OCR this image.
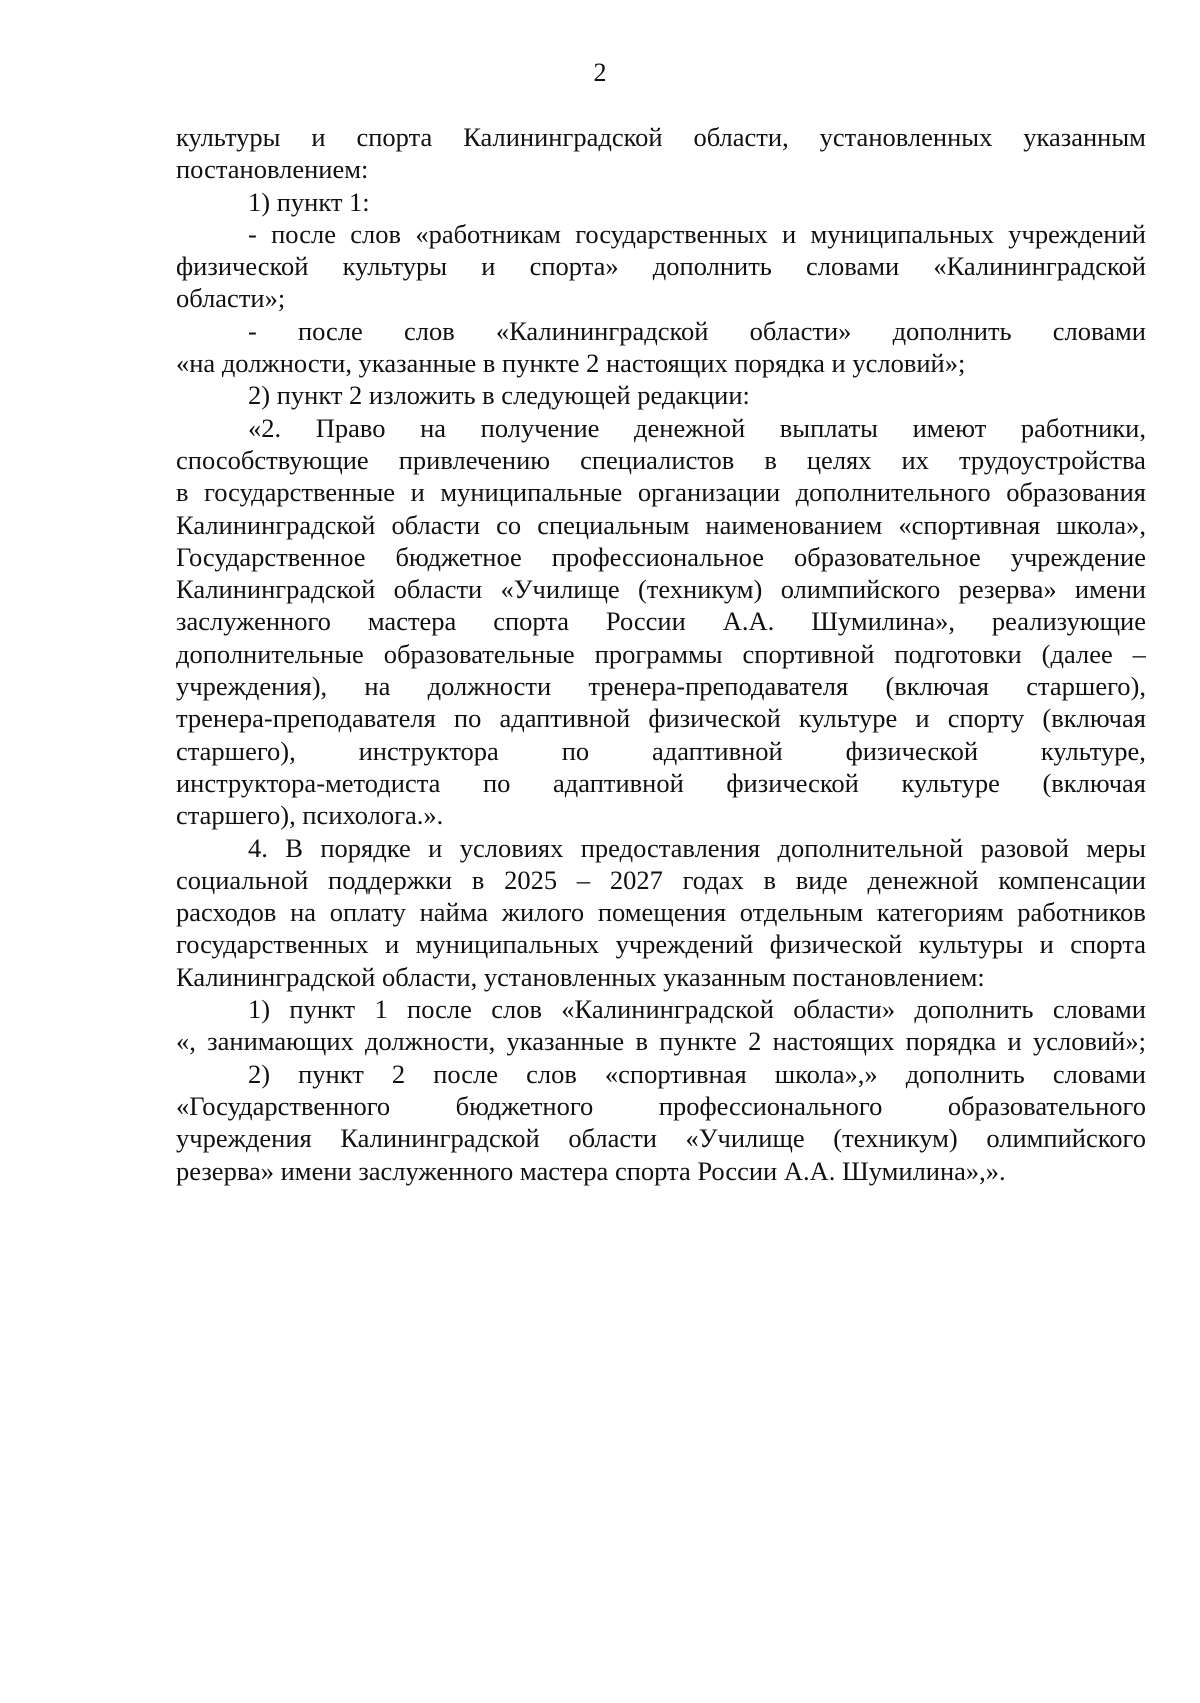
2
культуры и спорта Калининградской области, установленных указанным
постановлением:
1) пункт 1:
- после слов «работникам государственных и муниципальных учреждений
физической культуры и спорта» дополнить словами «Калининградской
области»;
- после слов «Калининградской области» дополнить словами
«на должности, указанные в пункте 2 настоящих порядка и условий»;
2) пункт 2 изложить в следующей редакции:
«2. Право на получение денежной выплаты имеют работники,
способствующие привлечению специалистов в целях их трудоустройства
в государственные и муниципальные организации дополнительного образования
Калининградской области со специальным наименованием «спортивная школа»,
Государственное бюджетное профессиональное образовательное учреждение
Калининградской области «Училище (техникум) олимпийского резерва» имени
заслуженного мастера спорта России А.А. Шумилина», реализующие
дополнительные образовательные программы спортивной подготовки (далее –
учреждения), на должности тренера-преподавателя (включая старшего),
тренера-преподавателя по адаптивной физической культуре и спорту (включая
старшего), инструктора по адаптивной физической культуре,
инструктора-методиста по адаптивной физической культуре (включая
старшего), психолога.».
4. В порядке и условиях предоставления дополнительной разовой меры
социальной поддержки в 2025 – 2027 годах в виде денежной компенсации
расходов на оплату найма жилого помещения отдельным категориям работников
государственных и муниципальных учреждений физической культуры и спорта
Калининградской области, установленных указанным постановлением:
1) пункт 1 после слов «Калининградской области» дополнить словами
«, занимающих должности, указанные в пункте 2 настоящих порядка и условий»;
2) пункт 2 после слов «спортивная школа»,» дополнить словами
«Государственного бюджетного профессионального образовательного
учреждения Калининградской области «Училище (техникум) олимпийского
резерва» имени заслуженного мастера спорта России А.А. Шумилина»,».
